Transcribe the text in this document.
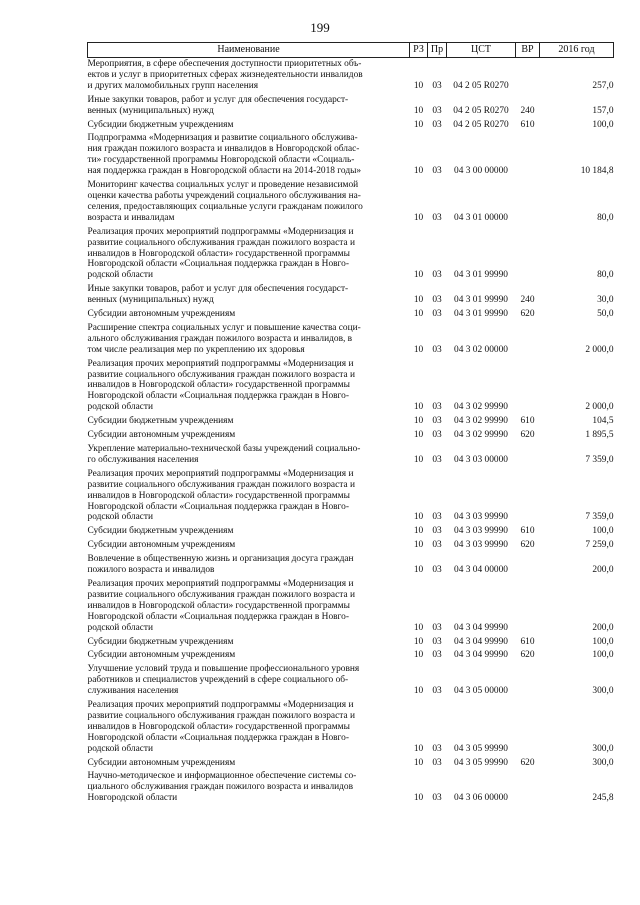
199
Наименование	РЗ	Пр	ЦСТ	ВР	2016 год
Мероприятия, в сфере обеспечения доступности приоритетных объ-
ектов и услуг в приоритетных сферах жизнедеятельности инвалидов
и других маломобильных групп населения	10	03	04 2 05 R0270		257,0
Иные закупки товаров, работ и услуг для обеспечения государст-
венных (муниципальных) нужд	10	03	04 2 05 R0270	240	157,0
Субсидии бюджетным учреждениям	10	03	04 2 05 R0270	610	100,0
Подпрограмма «Модернизация и развитие социального обслужива-
ния граждан пожилого возраста и инвалидов в Новгородской облас-
ти» государственной программы Новгородской области «Социаль-
ная поддержка граждан в Новгородской области на 2014-2018 годы»	10	03	04 3 00 00000		10 184,8
Мониторинг качества социальных услуг и проведение независимой
оценки качества работы учреждений социального обслуживания на-
селения, предоставляющих социальные услуги гражданам пожилого
возраста и инвалидам	10	03	04 3 01 00000		80,0
Реализация прочих мероприятий подпрограммы «Модернизация и
развитие социального обслуживания граждан пожилого возраста и
инвалидов в Новгородской области» государственной программы
Новгородской области «Социальная поддержка граждан в Новго-
родской области	10	03	04 3 01 99990		80,0
Иные закупки товаров, работ и услуг для обеспечения государст-
венных (муниципальных) нужд	10	03	04 3 01 99990	240	30,0
Субсидии автономным учреждениям	10	03	04 3 01 99990	620	50,0
Расширение спектра социальных услуг и повышение качества соци-
ального обслуживания граждан пожилого возраста и инвалидов, в
том числе реализация мер по укреплению их здоровья	10	03	04 3 02 00000		2 000,0
Реализация прочих мероприятий подпрограммы «Модернизация и
развитие социального обслуживания граждан пожилого возраста и
инвалидов в Новгородской области» государственной программы
Новгородской области «Социальная поддержка граждан в Новго-
родской области	10	03	04 3 02 99990		2 000,0
Субсидии бюджетным учреждениям	10	03	04 3 02 99990	610	104,5
Субсидии автономным учреждениям	10	03	04 3 02 99990	620	1 895,5
Укрепление материально-технической базы учреждений социально-
го обслуживания населения	10	03	04 3 03 00000		7 359,0
Реализация прочих мероприятий подпрограммы «Модернизация и
развитие социального обслуживания граждан пожилого возраста и
инвалидов в Новгородской области» государственной программы
Новгородской области «Социальная поддержка граждан в Новго-
родской области	10	03	04 3 03 99990		7 359,0
Субсидии бюджетным учреждениям	10	03	04 3 03 99990	610	100,0
Субсидии автономным учреждениям	10	03	04 3 03 99990	620	7 259,0
Вовлечение в общественную жизнь и организация досуга граждан
пожилого возраста и инвалидов	10	03	04 3 04 00000		200,0
Реализация прочих мероприятий подпрограммы «Модернизация и
развитие социального обслуживания граждан пожилого возраста и
инвалидов в Новгородской области» государственной программы
Новгородской области «Социальная поддержка граждан в Новго-
родской области	10	03	04 3 04 99990		200,0
Субсидии бюджетным учреждениям	10	03	04 3 04 99990	610	100,0
Субсидии автономным учреждениям	10	03	04 3 04 99990	620	100,0
Улучшение условий труда и повышение профессионального уровня
работников и специалистов учреждений в сфере социального об-
служивания населения	10	03	04 3 05 00000		300,0
Реализация прочих мероприятий подпрограммы «Модернизация и
развитие социального обслуживания граждан пожилого возраста и
инвалидов в Новгородской области» государственной программы
Новгородской области «Социальная поддержка граждан в Новго-
родской области	10	03	04 3 05 99990		300,0
Субсидии автономным учреждениям	10	03	04 3 05 99990	620	300,0
Научно-методическое и информационное обеспечение системы со-
циального обслуживания граждан пожилого возраста и инвалидов
Новгородской области	10	03	04 3 06 00000		245,8
